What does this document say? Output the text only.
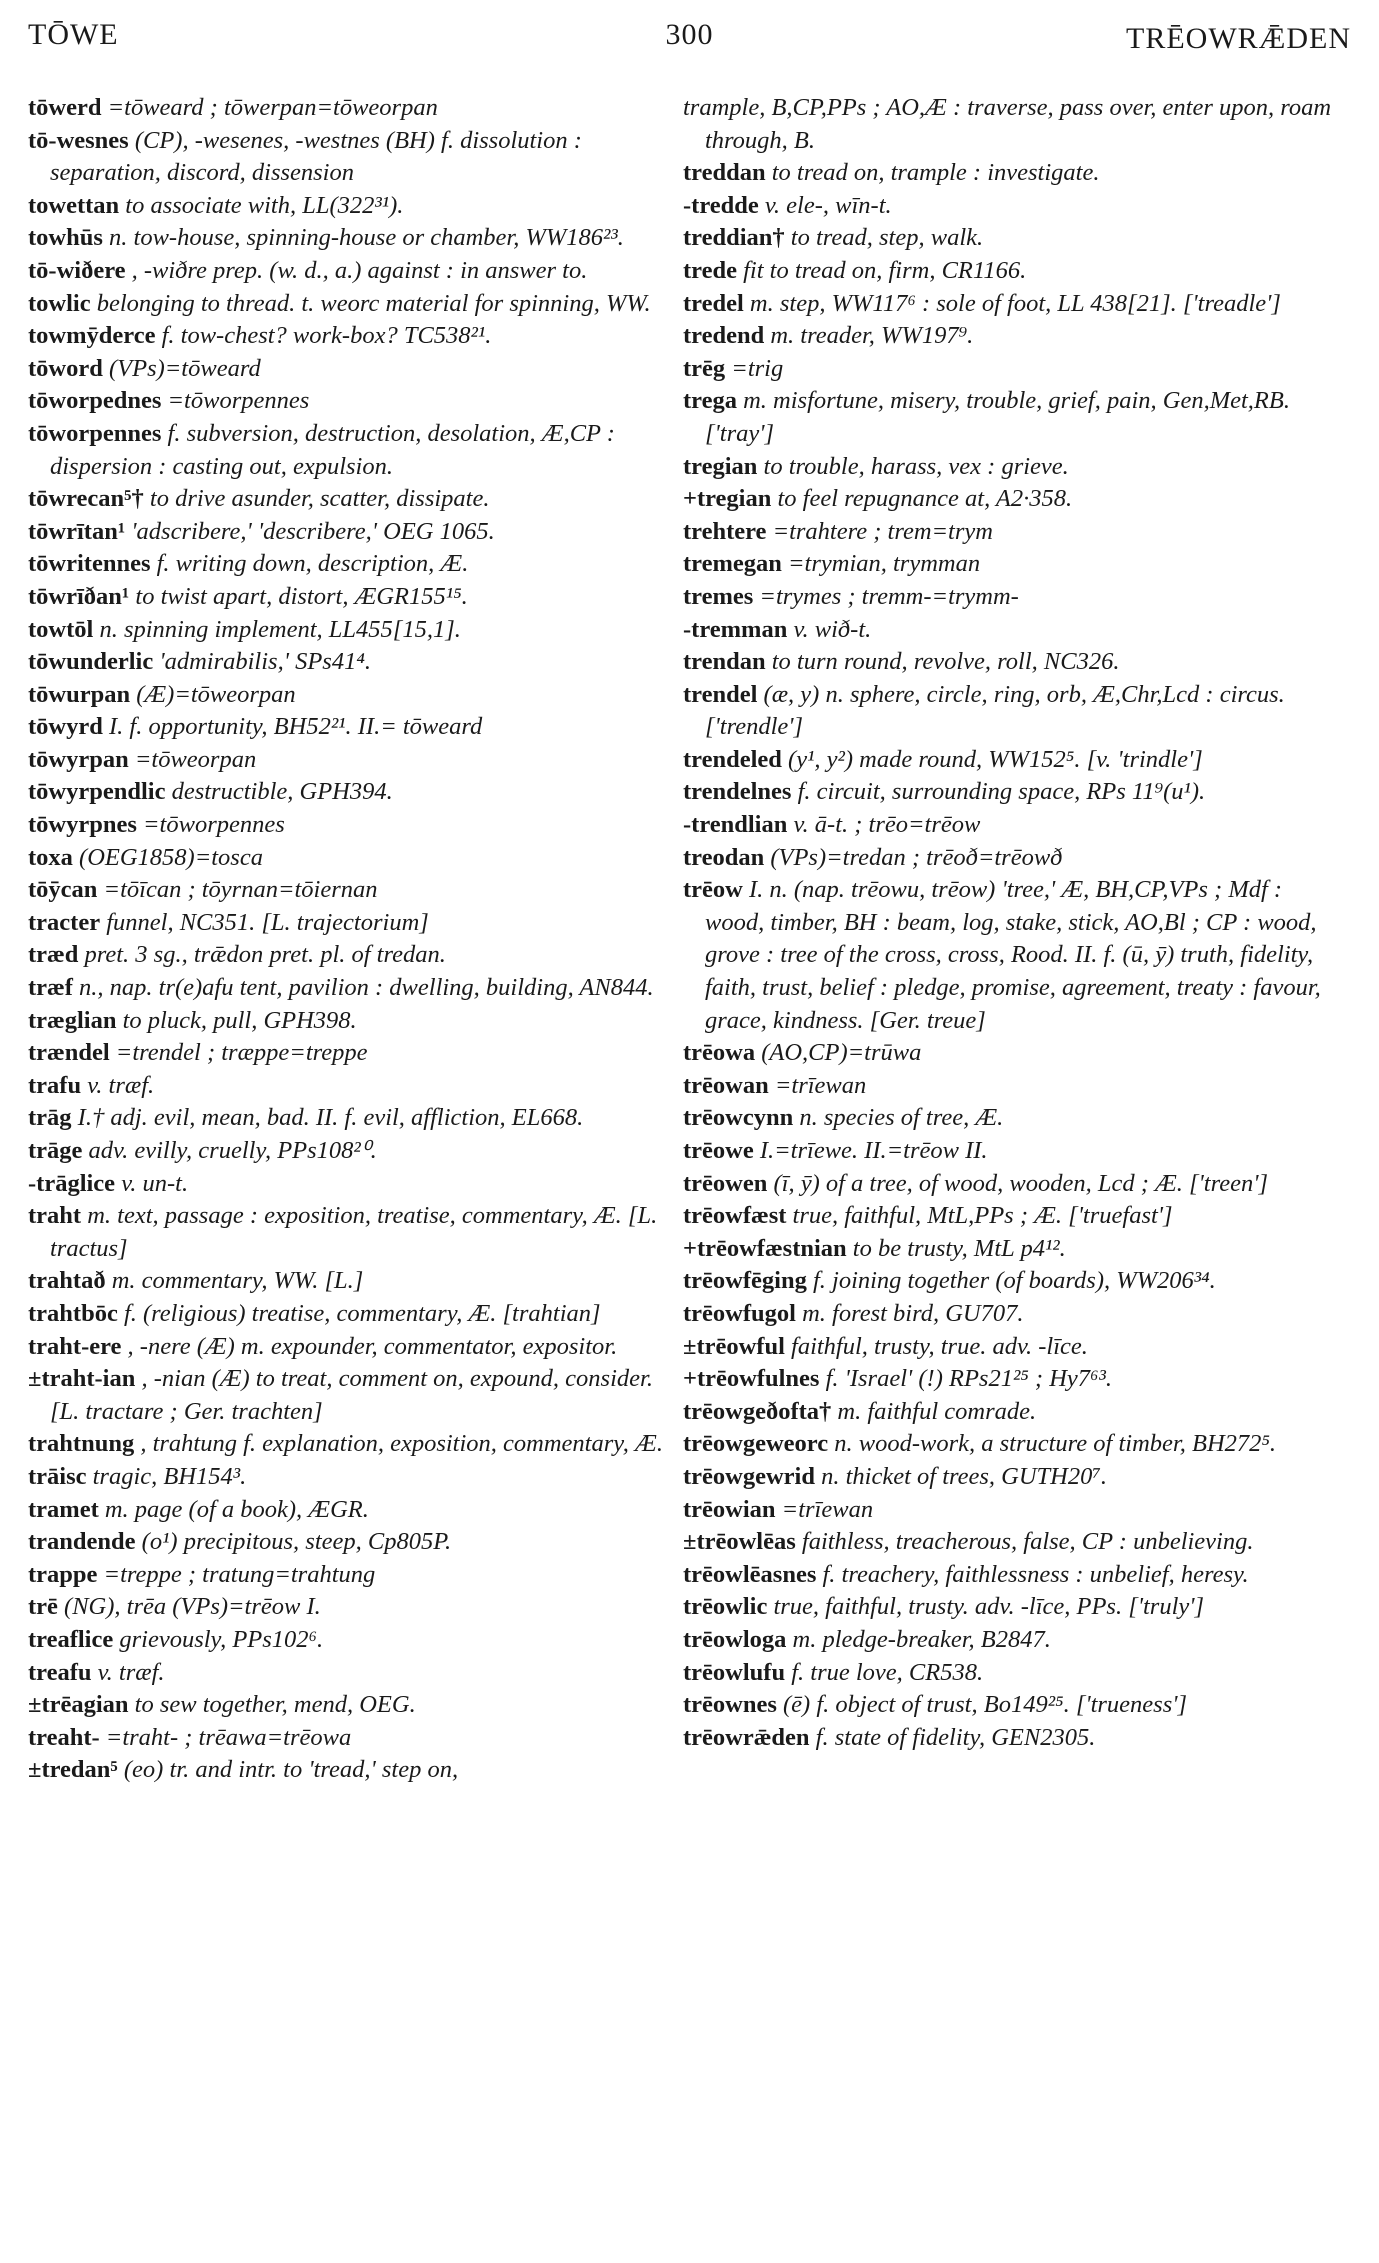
TŌWE	300	TRĒOWRǢDEN

tōwerd =tōweard ; tōwerpan=tōweorpan

tō-wesnes (CP), -wesenes, -westnes (BH) f. dissolution : separation, discord, dissension

towettan to associate with, LL(322³¹).

towhūs n. tow-house, spinning-house or chamber, WW186²³.

tō-wiðere , -wiðre prep. (w. d., a.) against : in answer to.

towlic belonging to thread. t. weorc material for spinning, WW.

towmȳderce f. tow-chest? work-box? TC538²¹.

tōword (VPs)=tōweard

tōworpednes =tōworpennes

tōworpennes f. subversion, destruction, desolation, Æ,CP : dispersion : casting out, expulsion.

tōwrecan⁵† to drive asunder, scatter, dissipate.

tōwrītan¹ 'adscribere,' 'describere,' OEG 1065.

tōwritennes f. writing down, description, Æ.

tōwrīðan¹ to twist apart, distort, ÆGR155¹⁵.

towtōl n. spinning implement, LL455[15,1].

tōwunderlic 'admirabilis,' SPs41⁴.

tōwurpan (Æ)=tōweorpan

tōwyrd I. f. opportunity, BH52²¹. II.= tōweard

tōwyrpan =tōweorpan

tōwyrpendlic destructible, GPH394.

tōwyrpnes =tōworpennes

toxa (OEG1858)=tosca

tōȳcan =tōīcan ; tōyrnan=tōiernan

tracter funnel, NC351. [L. trajectorium]

træd pret. 3 sg., trǣdon pret. pl. of tredan.

træf n., nap. tr(e)afu tent, pavilion : dwelling, building, AN844.

træglian to pluck, pull, GPH398.

trændel =trendel ; træppe=treppe

trafu v. træf.

trāg I.† adj. evil, mean, bad. II. f. evil, affliction, EL668.

trāge adv. evilly, cruelly, PPs108²⁰.

-trāglice v. un-t.

traht m. text, passage : exposition, treatise, commentary, Æ. [L. tractus]

trahtað m. commentary, WW. [L.]

trahtbōc f. (religious) treatise, commentary, Æ. [trahtian]

traht-ere , -nere (Æ) m. expounder, commentator, expositor.

±traht-ian , -nian (Æ) to treat, comment on, expound, consider. [L. tractare ; Ger. trachten]

trahtnung , trahtung f. explanation, exposition, commentary, Æ.

trāisc tragic, BH154³.

tramet m. page (of a book), ÆGR.

trandende (o¹) precipitous, steep, Cp805P.

trappe =treppe ; tratung=trahtung

trē (NG), trēa (VPs)=trēow I.

treaflice grievously, PPs102⁶.

treafu v. træf.

±trēagian to sew together, mend, OEG.

treaht- =traht- ; trēawa=trēowa

±tredan⁵ (eo) tr. and intr. to 'tread,' step on,

trample, B,CP,PPs ; AO,Æ : traverse, pass over, enter upon, roam through, B.

treddan to tread on, trample : investigate.

-tredde v. ele-, wīn-t.

treddian† to tread, step, walk.

trede fit to tread on, firm, CR1166.

tredel m. step, WW117⁶ : sole of foot, LL 438[21]. ['treadle']

tredend m. treader, WW197⁹.

trēg =trig

trega m. misfortune, misery, trouble, grief, pain, Gen,Met,RB. ['tray']

tregian to trouble, harass, vex : grieve.

+tregian to feel repugnance at, A2·358.

trehtere =trahtere ; trem=trym

tremegan =trymian, trymman

tremes =trymes ; tremm-=trymm-

-tremman v. wið-t.

trendan to turn round, revolve, roll, NC326.

trendel (æ, y) n. sphere, circle, ring, orb, Æ,Chr,Lcd : circus. ['trendle']

trendeled (y¹, y²) made round, WW152⁵. [v. 'trindle']

trendelnes f. circuit, surrounding space, RPs 11⁹(u¹).

-trendlian v. ā-t. ; trēo=trēow

treodan (VPs)=tredan ; trēoð=trēowð

trēow I. n. (nap. trēowu, trēow) 'tree,' Æ, BH,CP,VPs ; Mdf : wood, timber, BH : beam, log, stake, stick, AO,Bl ; CP : wood, grove : tree of the cross, cross, Rood. II. f. (ū, ȳ) truth, fidelity, faith, trust, belief : pledge, promise, agreement, treaty : favour, grace, kindness. [Ger. treue]

trēowa (AO,CP)=trūwa

trēowan =trīewan

trēowcynn n. species of tree, Æ.

trēowe I.=trīewe. II.=trēow II.

trēowen (ī, ȳ) of a tree, of wood, wooden, Lcd ; Æ. ['treen']

trēowfæst true, faithful, MtL,PPs ; Æ. ['truefast']

+trēowfæstnian to be trusty, MtL p4¹².

trēowfēging f. joining together (of boards), WW206³⁴.

trēowfugol m. forest bird, GU707.

±trēowful faithful, trusty, true. adv. -līce.

+trēowfulnes f. 'Israel' (!) RPs21²⁵ ; Hy7⁶³.

trēowgeðofta† m. faithful comrade.

trēowgeweorc n. wood-work, a structure of timber, BH272⁵.

trēowgewrid n. thicket of trees, GUTH20⁷.

trēowian =trīewan

±trēowlēas faithless, treacherous, false, CP : unbelieving.

trēowlēasnes f. treachery, faithlessness : unbelief, heresy.

trēowlic true, faithful, trusty. adv. -līce, PPs. ['truly']

trēowloga m. pledge-breaker, B2847.

trēowlufu f. true love, CR538.

trēownes (ē) f. object of trust, Bo149²⁵. ['trueness']

trēowrǣden f. state of fidelity, GEN2305.
